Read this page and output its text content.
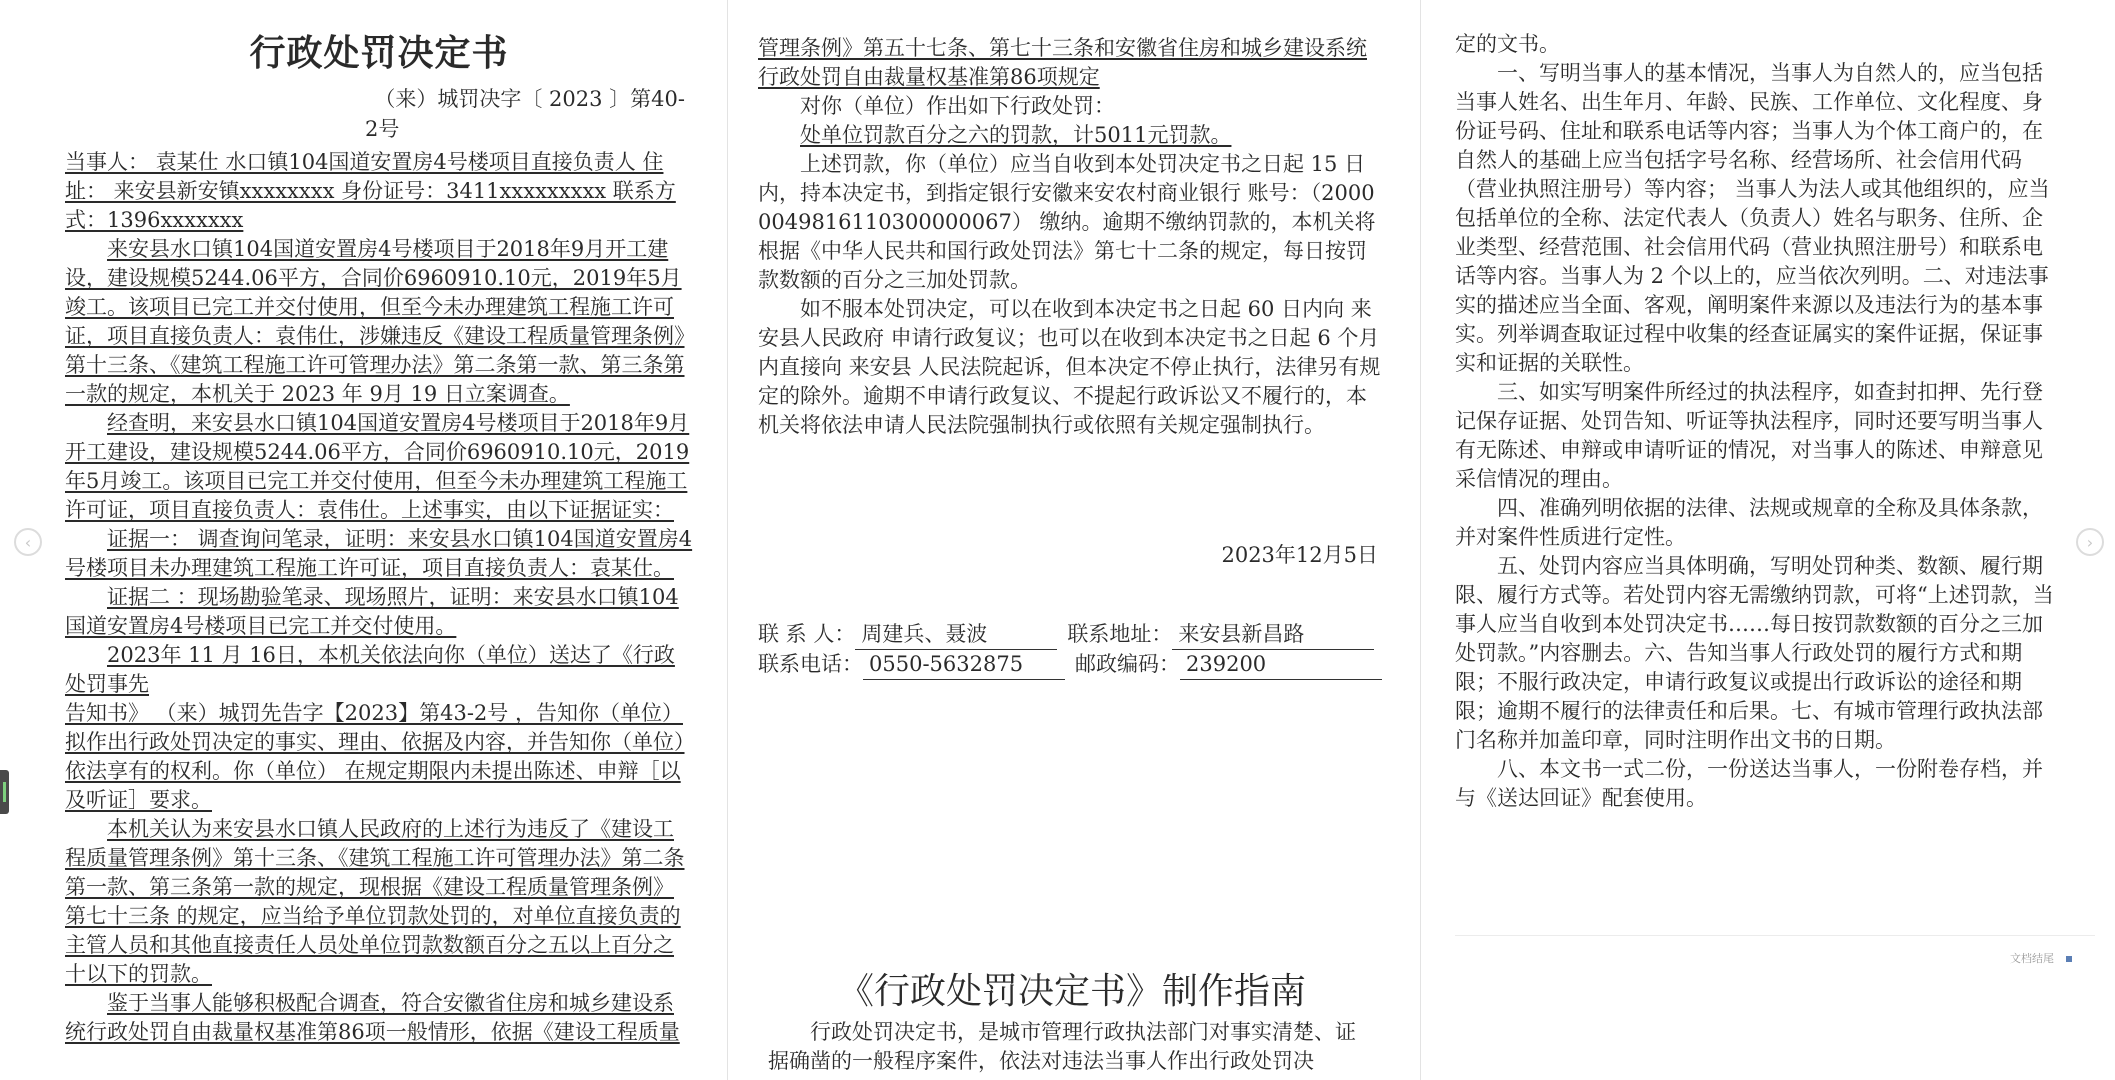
‹	›
行政处罚决定书
（来）城罚决字〔 2023 〕第40-
2号

当事人： 袁某仕 水口镇104国道安置房4号楼项目直接负责人 住址： 来安县新安镇xxxxxxxx 身份证号：3411xxxxxxxxx 联系方 式：1396xxxxxxx

来安县水口镇104国道安置房4号楼项目于2018年9月开工建设，建设规模5244.06平方，合同价6960910.10元，2019年5月竣工。该项目已完工并交付使用，但至今未办理建筑工程施工许可证，项目直接负责人：袁伟仕，涉嫌违反《建设工程质量管理条例》第十三条、《建筑工程施工许可管理办法》第二条第一款、第三条第一款的规定，本机关于 2023 年 9月 19 日立案调查。

经查明，来安县水口镇104国道安置房4号楼项目于2018年9月开工建设，建设规模5244.06平方，合同价6960910.10元，2019年5月竣工。该项目已完工并交付使用，但至今未办理建筑工程施工许可证，项目直接负责人：袁伟仕。上述事实，由以下证据证实：

证据一： 调查询问笔录，证明：来安县水口镇104国道安置房4号楼项目未办理建筑工程施工许可证，项目直接负责人：袁某仕。

证据二 ：现场勘验笔录、现场照片，证明：来安县水口镇104国道安置房4号楼项目已完工并交付使用。

2023年 11 月 16日，本机关依法向你（单位）送达了《行政处罚事先

告知书》 （来）城罚先告字【2023】第43-2号 ，告知你（单位）拟作出行政处罚决定的事实、理由、依据及内容，并告知你（单位）依法享有的权利。你（单位） 在规定期限内未提出陈述、申辩［以及听证］要求。

本机关认为来安县水口镇人民政府的上述行为违反了《建设工程质量管理条例》第十三条、《建筑工程施工许可管理办法》第二条第一款、第三条第一款的规定，现根据《建设工程质量管理条例》第七十三条 的规定，应当给予单位罚款处罚的，对单位直接负责的主管人员和其他直接责任人员处单位罚款数额百分之五以上百分之十以下的罚款。

鉴于当事人能够积极配合调查，符合安徽省住房和城乡建设系统行政处罚自由裁量权基准第86项一般情形，依据《建设工程质量

管理条例》第五十七条、第七十三条和安徽省住房和城乡建设系统行政处罚自由裁量权基准第86项规定

对你（单位）作出如下行政处罚：

处单位罚款百分之六的罚款，计5011元罚款。

上述罚款，你（单位）应当自收到本处罚决定书之日起 15 日内，持本决定书，到指定银行安徽来安农村商业银行 账号：（20000049816110300000067） 缴纳。逾期不缴纳罚款的，本机关将根据《中华人民共和国行政处罚法》第七十二条的规定，每日按罚款数额的百分之三加处罚款。

如不服本处罚决定，可以在收到本决定书之日起 60 日内向 来安县人民政府 申请行政复议；也可以在收到本决定书之日起 6 个月内直接向 来安县 人民法院起诉，但本决定不停止执行，法律另有规定的除外。逾期不申请行政复议、不提起行政诉讼又不履行的，本机关将依法申请人民法院强制执行或依照有关规定强制执行。

2023年12月5日
联 系 人： 周建兵、聂波	联系地址： 来安县新昌路
联系电话： 0550-5632875	邮政编码： 239200
《行政处罚决定书》制作指南

行政处罚决定书，是城市管理行政执法部门对事实清楚、证据确凿的一般程序案件，依法对违法当事人作出行政处罚决

定的文书。

一、写明当事人的基本情况，当事人为自然人的，应当包括当事人姓名、出生年月、年龄、民族、工作单位、文化程度、身份证号码、住址和联系电话等内容；当事人为个体工商户的，在自然人的基础上应当包括字号名称、经营场所、社会信用代码（营业执照注册号）等内容； 当事人为法人或其他组织的，应当包括单位的全称、法定代表人（负责人）姓名与职务、住所、企业类型、经营范围、社会信用代码（营业执照注册号）和联系电话等内容。当事人为 2 个以上的，应当依次列明。二、对违法事实的描述应当全面、客观，阐明案件来源以及违法行为的基本事实。列举调查取证过程中收集的经查证属实的案件证据，保证事实和证据的关联性。

三、如实写明案件所经过的执法程序，如查封扣押、先行登记保存证据、处罚告知、听证等执法程序，同时还要写明当事人有无陈述、申辩或申请听证的情况，对当事人的陈述、申辩意见采信情况的理由。

四、准确列明依据的法律、法规或规章的全称及具体条款，并对案件性质进行定性。

五、处罚内容应当具体明确，写明处罚种类、数额、履行期限、履行方式等。若处罚内容无需缴纳罚款，可将“上述罚款，当事人应当自收到本处罚决定书……每日按罚款数额的百分之三加处罚款。”内容删去。六、告知当事人行政处罚的履行方式和期限；不服行政决定，申请行政复议或提出行政诉讼的途径和期限；逾期不履行的法律责任和后果。七、有城市管理行政执法部门名称并加盖印章，同时注明作出文书的日期。

八、本文书一式二份，一份送达当事人，一份附卷存档，并与《送达回证》配套使用。

文档结尾
